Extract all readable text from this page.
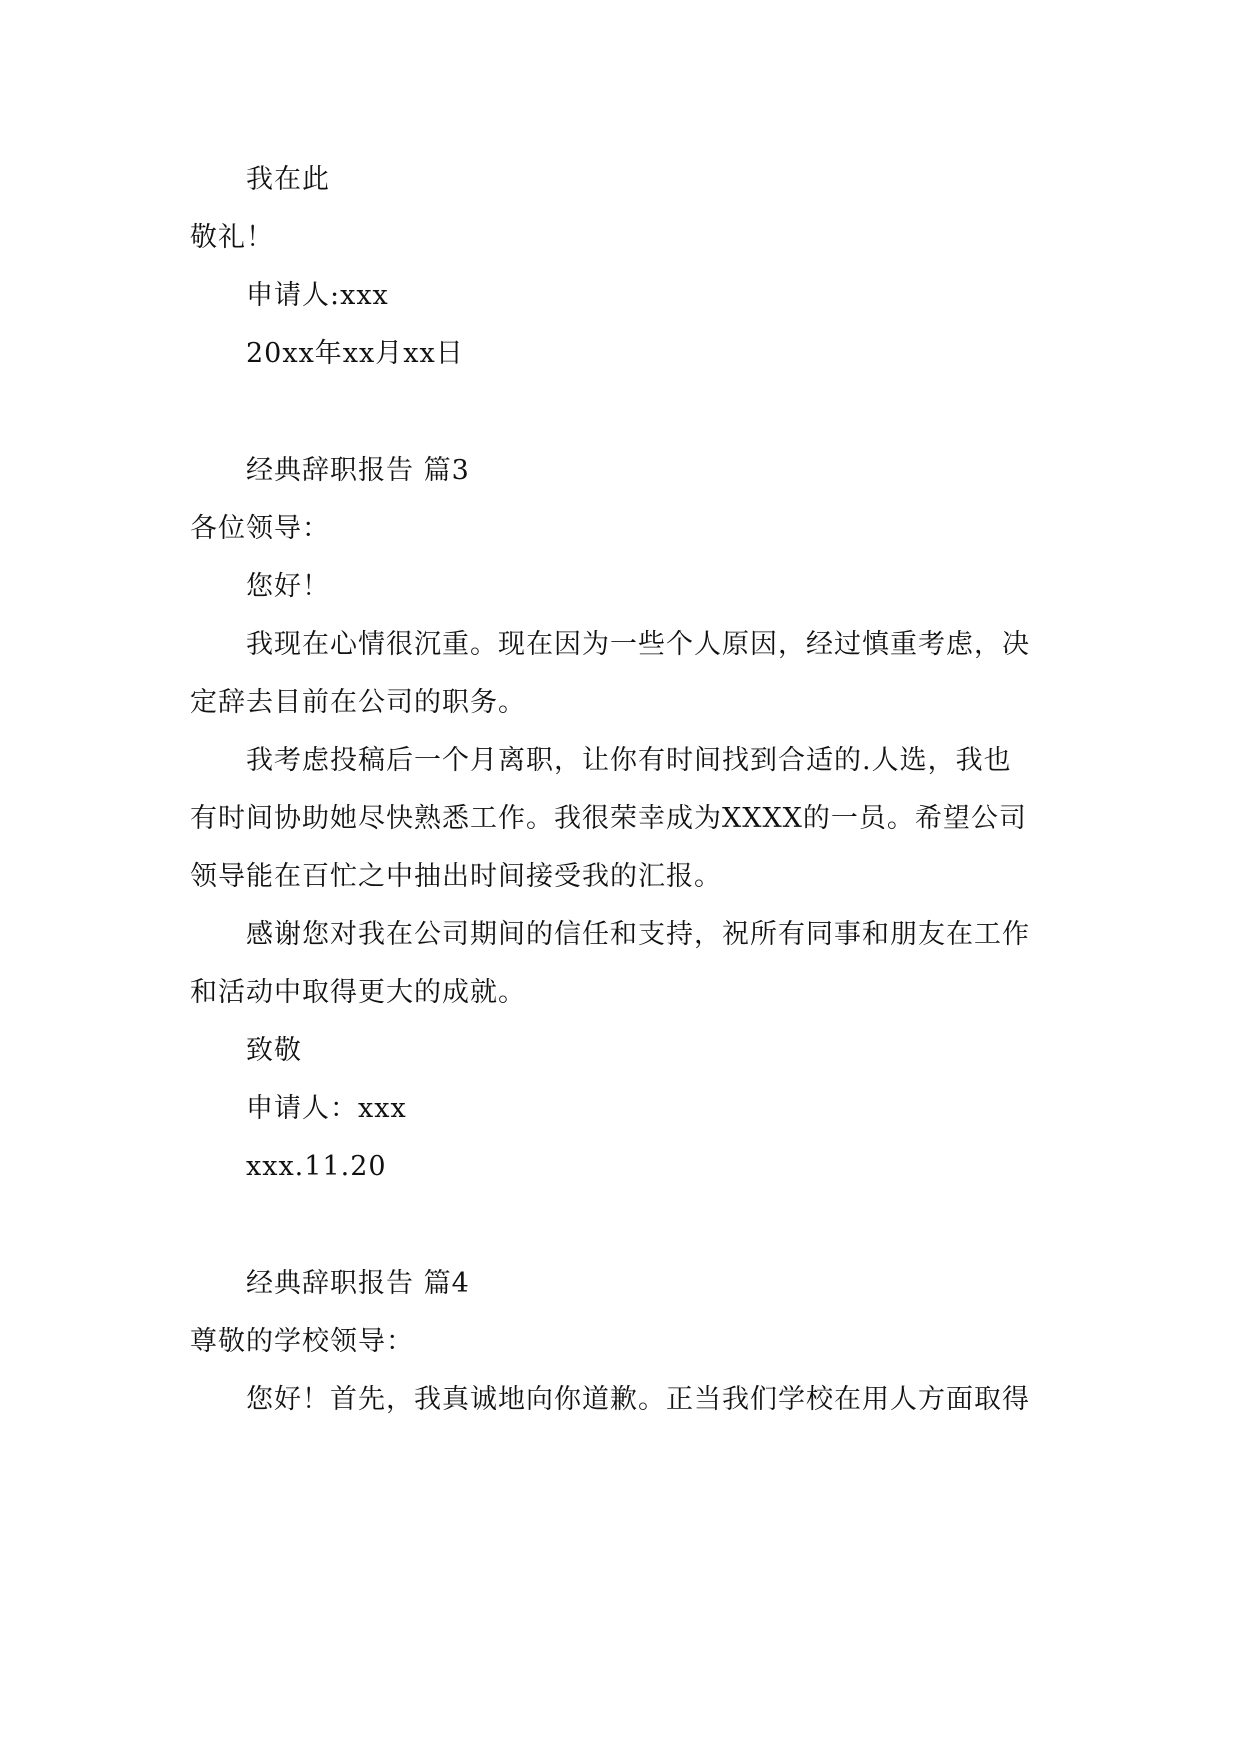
我在此
敬礼！
申请人:xxx
20xx年xx月xx日
经典辞职报告 篇3
各位领导：
您好！
我现在心情很沉重。现在因为一些个人原因，经过慎重考虑，决
定辞去目前在公司的职务。
我考虑投稿后一个月离职，让你有时间找到合适的.人选，我也
有时间协助她尽快熟悉工作。我很荣幸成为XXXX的一员。希望公司
领导能在百忙之中抽出时间接受我的汇报。
感谢您对我在公司期间的信任和支持，祝所有同事和朋友在工作
和活动中取得更大的成就。
致敬
申请人：xxx
xxx.11.20
经典辞职报告 篇4
尊敬的学校领导：
您好！首先，我真诚地向你道歉。正当我们学校在用人方面取得
